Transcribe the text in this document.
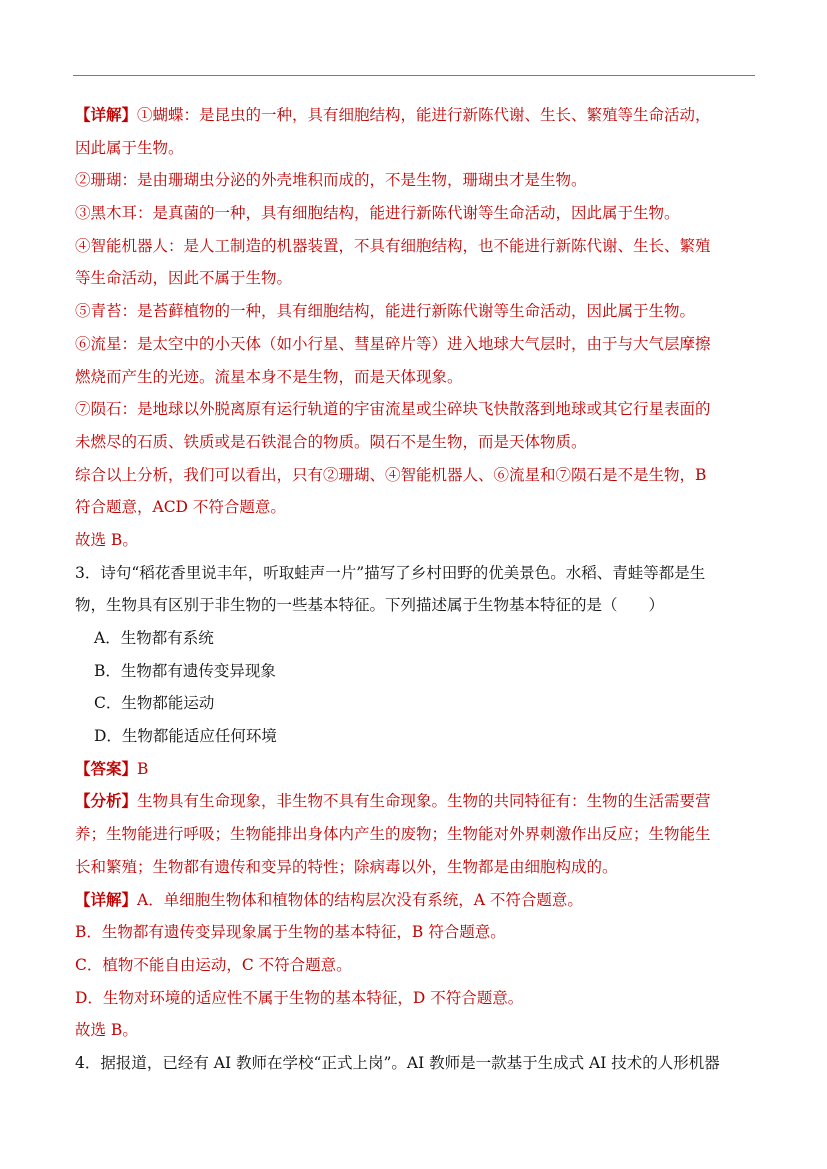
【详解】①蝴蝶：是昆虫的一种，具有细胞结构，能进行新陈代谢、生长、繁殖等生命活动，
因此属于生物。
②珊瑚：是由珊瑚虫分泌的外壳堆积而成的，不是生物，珊瑚虫才是生物。
③黑木耳：是真菌的一种，具有细胞结构，能进行新陈代谢等生命活动，因此属于生物。
④智能机器人：是人工制造的机器装置，不具有细胞结构，也不能进行新陈代谢、生长、繁殖
等生命活动，因此不属于生物。
⑤青苔：是苔藓植物的一种，具有细胞结构，能进行新陈代谢等生命活动，因此属于生物。
⑥流星：是太空中的小天体（如小行星、彗星碎片等）进入地球大气层时，由于与大气层摩擦
燃烧而产生的光迹。流星本身不是生物，而是天体现象。
⑦陨石：是地球以外脱离原有运行轨道的宇宙流星或尘碎块飞快散落到地球或其它行星表面的
未燃尽的石质、铁质或是石铁混合的物质。陨石不是生物，而是天体物质。
综合以上分析，我们可以看出，只有②珊瑚、④智能机器人、⑥流星和⑦陨石是不是生物，B
符合题意，ACD 不符合题意。
故选 B。
3．诗句“稻花香里说丰年，听取蛙声一片”描写了乡村田野的优美景色。水稻、青蛙等都是生
物，生物具有区别于非生物的一些基本特征。下列描述属于生物基本特征的是（　　）
A．生物都有系统
B．生物都有遗传变异现象
C．生物都能运动
D．生物都能适应任何环境
【答案】B
【分析】生物具有生命现象，非生物不具有生命现象。生物的共同特征有：生物的生活需要营
养；生物能进行呼吸；生物能排出身体内产生的废物；生物能对外界刺激作出反应；生物能生
长和繁殖；生物都有遗传和变异的特性；除病毒以外，生物都是由细胞构成的。
【详解】A．单细胞生物体和植物体的结构层次没有系统，A 不符合题意。
B．生物都有遗传变异现象属于生物的基本特征，B 符合题意。
C．植物不能自由运动，C 不符合题意。
D．生物对环境的适应性不属于生物的基本特征，D 不符合题意。
故选 B。
4．据报道，已经有 AI 教师在学校“正式上岗”。AI 教师是一款基于生成式 AI 技术的人形机器
